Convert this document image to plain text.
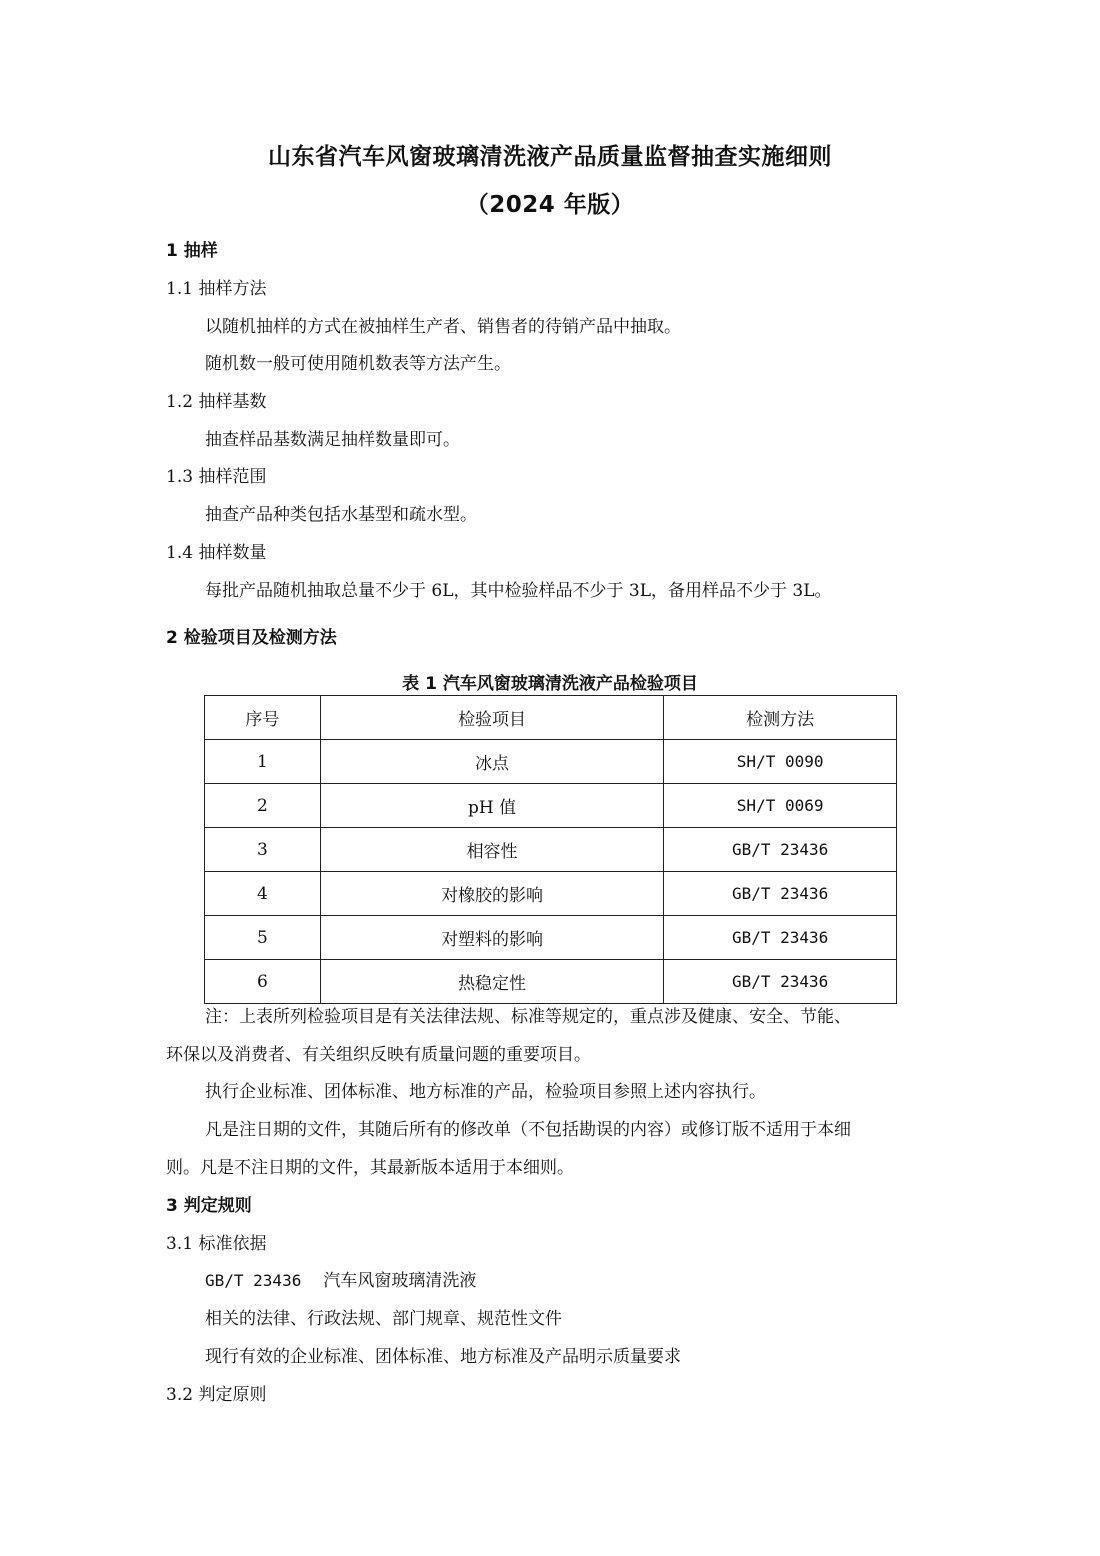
山东省汽车风窗玻璃清洗液产品质量监督抽查实施细则
（2024 年版）
1 抽样
1.1 抽样方法
以随机抽样的方式在被抽样生产者、销售者的待销产品中抽取。
随机数一般可使用随机数表等方法产生。
1.2 抽样基数
抽查样品基数满足抽样数量即可。
1.3 抽样范围
抽查产品种类包括水基型和疏水型。
1.4 抽样数量
每批产品随机抽取总量不少于 6L，其中检验样品不少于 3L，备用样品不少于 3L。
2 检验项目及检测方法
表 1 汽车风窗玻璃清洗液产品检验项目
序号	检验项目	检测方法
1	冰点	SH/T 0090
2	pH 值	SH/T 0069
3	相容性	GB/T 23436
4	对橡胶的影响	GB/T 23436
5	对塑料的影响	GB/T 23436
6	热稳定性	GB/T 23436
注：上表所列检验项目是有关法律法规、标准等规定的，重点涉及健康、安全、节能、
环保以及消费者、有关组织反映有质量问题的重要项目。
执行企业标准、团体标准、地方标准的产品，检验项目参照上述内容执行。
凡是注日期的文件，其随后所有的修改单（不包括勘误的内容）或修订版不适用于本细
则。凡是不注日期的文件，其最新版本适用于本细则。
3 判定规则
3.1 标准依据
GB/T 23436 汽车风窗玻璃清洗液
相关的法律、行政法规、部门规章、规范性文件
现行有效的企业标准、团体标准、地方标准及产品明示质量要求
3.2 判定原则
